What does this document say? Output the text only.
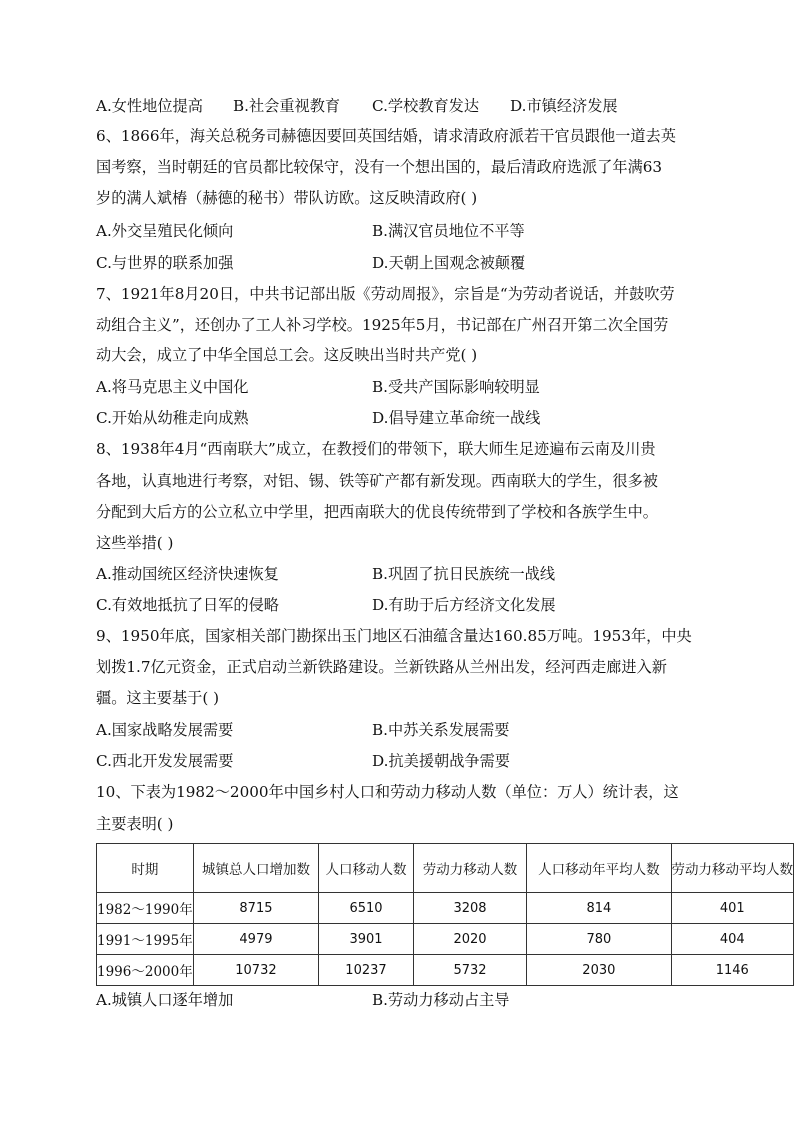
A.女性地位提高 B.社会重视教育 C.学校教育发达 D.市镇经济发展
6、1866年，海关总税务司赫德因要回英国结婚，请求清政府派若干官员跟他一道去英
国考察，当时朝廷的官员都比较保守，没有一个想出国的，最后清政府选派了年满63
岁的满人斌椿（赫德的秘书）带队访欧。这反映清政府( )
A.外交呈殖民化倾向	B.满汉官员地位不平等
C.与世界的联系加强	D.天朝上国观念被颠覆
7、1921年8月20日，中共书记部出版《劳动周报》，宗旨是“为劳动者说话，并鼓吹劳
动组合主义”，还创办了工人补习学校。1925年5月，书记部在广州召开第二次全国劳
动大会，成立了中华全国总工会。这反映出当时共产党( )
A.将马克思主义中国化	B.受共产国际影响较明显
C.开始从幼稚走向成熟	D.倡导建立革命统一战线
8、1938年4月“西南联大”成立，在教授们的带领下，联大师生足迹遍布云南及川贵
各地，认真地进行考察，对铝、锡、铁等矿产都有新发现。西南联大的学生，很多被
分配到大后方的公立私立中学里，把西南联大的优良传统带到了学校和各族学生中。
这些举措( )
A.推动国统区经济快速恢复	B.巩固了抗日民族统一战线
C.有效地抵抗了日军的侵略	D.有助于后方经济文化发展
9、1950年底，国家相关部门勘探出玉门地区石油蕴含量达160.85万吨。1953年，中央
划拨1.7亿元资金，正式启动兰新铁路建设。兰新铁路从兰州出发，经河西走廊进入新
疆。这主要基于( )
A.国家战略发展需要	B.中苏关系发展需要
C.西北开发发展需要	D.抗美援朝战争需要
10、下表为1982～2000年中国乡村人口和劳动力移动人数（单位：万人）统计表，这
主要表明( )
时期	城镇总人口增加数	人口移动人数	劳动力移动人数	人口移动年平均人数	劳动力移动平均人数
1982～1990年	8715	6510	3208	814	401
1991～1995年	4979	3901	2020	780	404
1996～2000年	10732	10237	5732	2030	1146
A.城镇人口逐年增加	B.劳动力移动占主导
